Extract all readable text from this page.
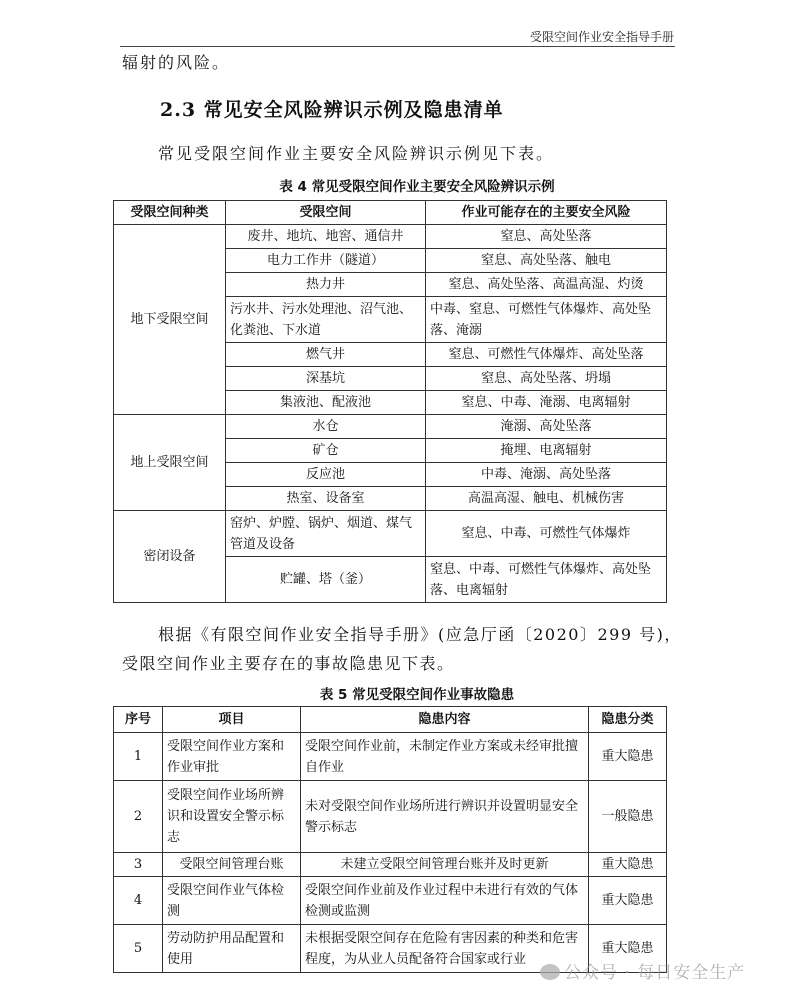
受限空间作业安全指导手册
辐射的风险。
2.3 常见安全风险辨识示例及隐患清单
常见受限空间作业主要安全风险辨识示例见下表。
表 4 常见受限空间作业主要安全风险辨识示例
受限空间种类	受限空间	作业可能存在的主要安全风险
地下受限空间	废井、地坑、地窖、通信井	窒息、高处坠落
	电力工作井（隧道）	窒息、高处坠落、触电
	热力井	窒息、高处坠落、高温高湿、灼烫
	污水井、污水处理池、沼气池、化粪池、下水道	中毒、窒息、可燃性气体爆炸、高处坠落、淹溺
	燃气井	窒息、可燃性气体爆炸、高处坠落
	深基坑	窒息、高处坠落、坍塌
	集液池、配液池	窒息、中毒、淹溺、电离辐射
地上受限空间	水仓	淹溺、高处坠落
	矿仓	掩埋、电离辐射
	反应池	中毒、淹溺、高处坠落
	热室、设备室	高温高湿、触电、机械伤害
密闭设备	窑炉、炉膛、锅炉、烟道、煤气管道及设备	窒息、中毒、可燃性气体爆炸
	贮罐、塔（釜）	窒息、中毒、可燃性气体爆炸、高处坠落、电离辐射
根据《有限空间作业安全指导手册》(应急厅函〔2020〕299 号)，
受限空间作业主要存在的事故隐患见下表。
表 5 常见受限空间作业事故隐患
序号	项目	隐患内容	隐患分类
1	受限空间作业方案和作业审批	受限空间作业前，未制定作业方案或未经审批擅自作业	重大隐患
2	受限空间作业场所辨识和设置安全警示标志	未对受限空间作业场所进行辨识并设置明显安全警示标志	一般隐患
3	受限空间管理台账	未建立受限空间管理台账并及时更新	重大隐患
4	受限空间作业气体检测	受限空间作业前及作业过程中未进行有效的气体检测或监测	重大隐患
5	劳动防护用品配置和使用	未根据受限空间存在危险有害因素的种类和危害程度，为从业人员配备符合国家或行业	重大隐患
公众号 · 每日安全生产
